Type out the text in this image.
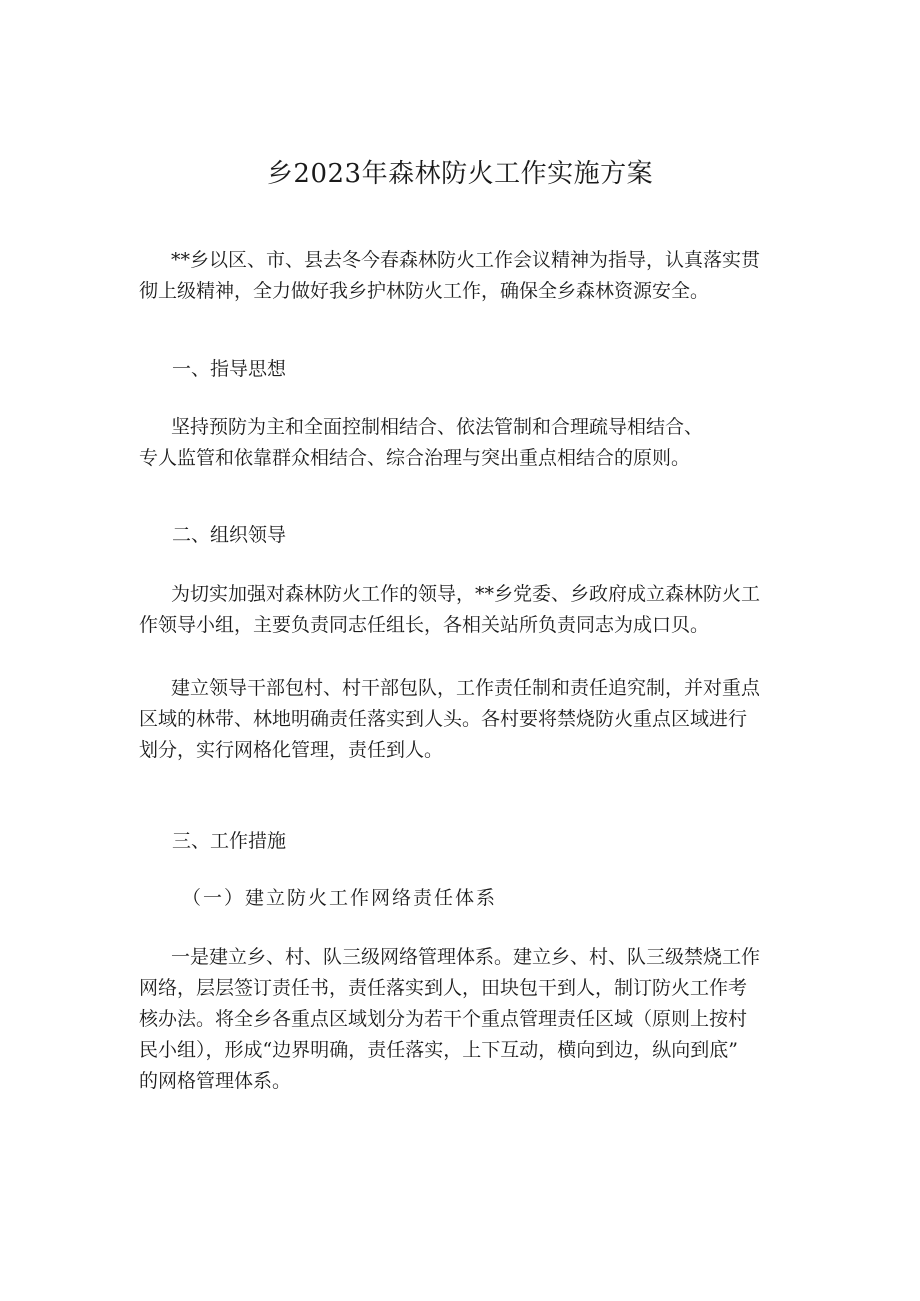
乡2023年森林防火工作实施方案

**乡以区、市、县去冬今春森林防火工作会议精神为指导，认真落实贯
彻上级精神，全力做好我乡护林防火工作，确保全乡森林资源安全。

一、指导思想

坚持预防为主和全面控制相结合、依法管制和合理疏导相结合、
专人监管和依靠群众相结合、综合治理与突出重点相结合的原则。

二、组织领导

为切实加强对森林防火工作的领导，**乡党委、乡政府成立森林防火工
作领导小组，主要负责同志任组长，各相关站所负责同志为成口贝。

建立领导干部包村、村干部包队，工作责任制和责任追究制，并对重点
区域的林带、林地明确责任落实到人头。各村要将禁烧防火重点区域进行
划分，实行网格化管理，责任到人。

三、工作措施
（一）建立防火工作网络责任体系

一是建立乡、村、队三级网络管理体系。建立乡、村、队三级禁烧工作
网络，层层签订责任书，责任落实到人，田块包干到人，制订防火工作考
核办法。将全乡各重点区域划分为若干个重点管理责任区域（原则上按村
民小组），形成“边界明确，责任落实，上下互动，横向到边，纵向到底”
的网格管理体系。
